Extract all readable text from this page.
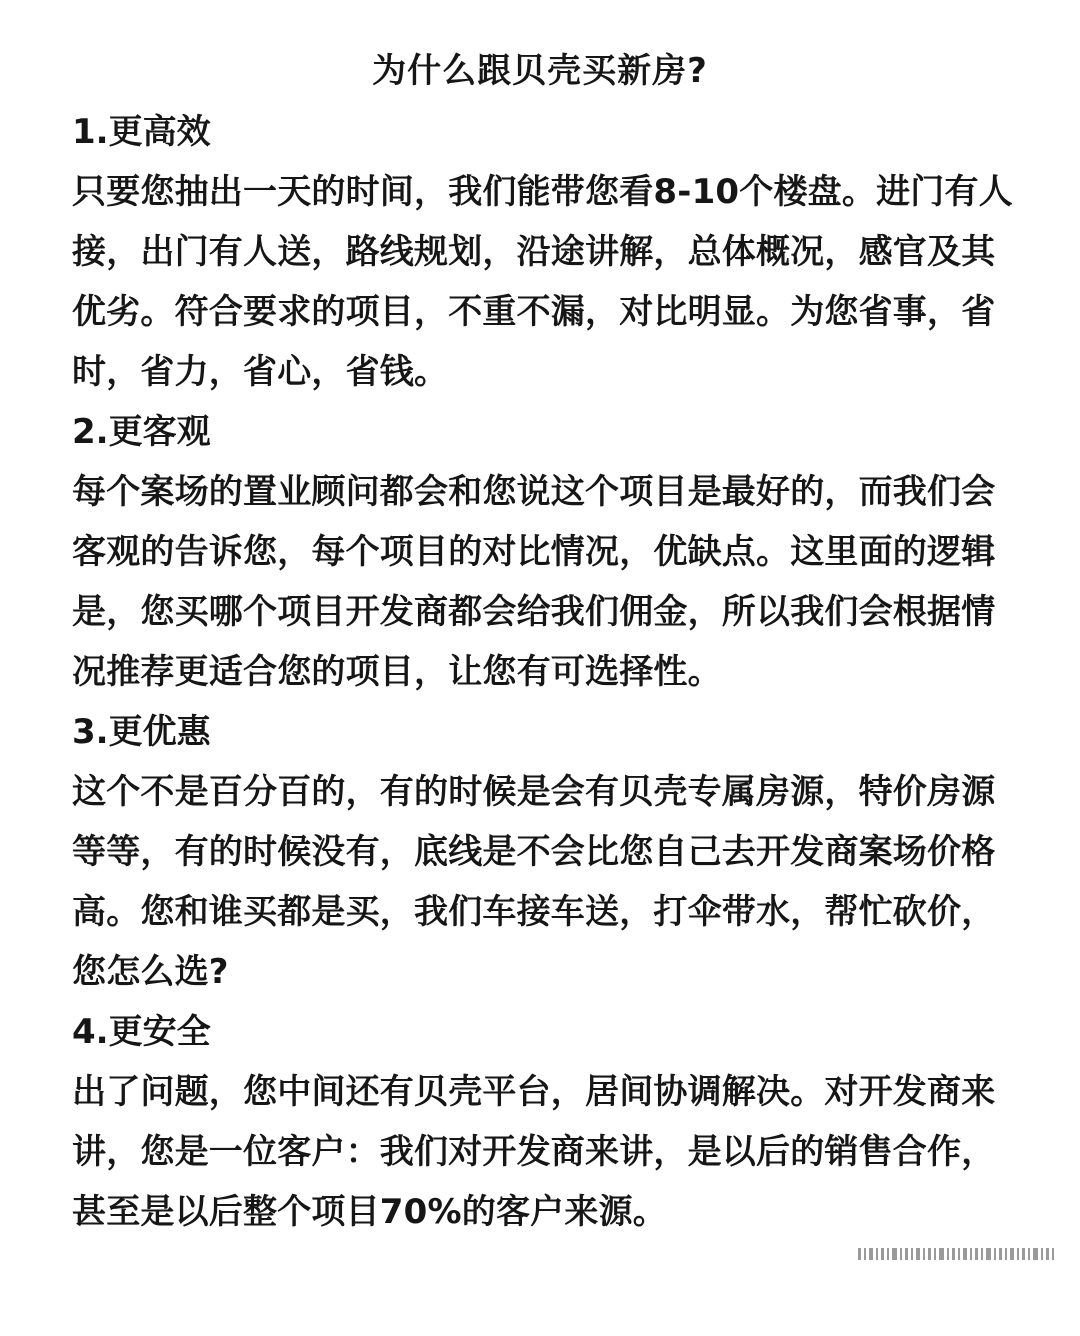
为什么跟贝壳买新房?
1.更高效
只要您抽出一天的时间，我们能带您看8-10个楼盘。进门有人接，出门有人送，路线规划，沿途讲解，总体概况，感官及其优劣。符合要求的项目，不重不漏，对比明显。为您省事，省时，省力，省心，省钱。
2.更客观
每个案场的置业顾问都会和您说这个项目是最好的，而我们会客观的告诉您，每个项目的对比情况，优缺点。这里面的逻辑是，您买哪个项目开发商都会给我们佣金，所以我们会根据情况推荐更适合您的项目，让您有可选择性。
3.更优惠
这个不是百分百的，有的时候是会有贝壳专属房源，特价房源等等，有的时候没有，底线是不会比您自己去开发商案场价格高。您和谁买都是买，我们车接车送，打伞带水，帮忙砍价，您怎么选?
4.更安全
出了问题，您中间还有贝壳平台，居间协调解决。对开发商来讲，您是一位客户：我们对开发商来讲，是以后的销售合作，甚至是以后整个项目70%的客户来源。
